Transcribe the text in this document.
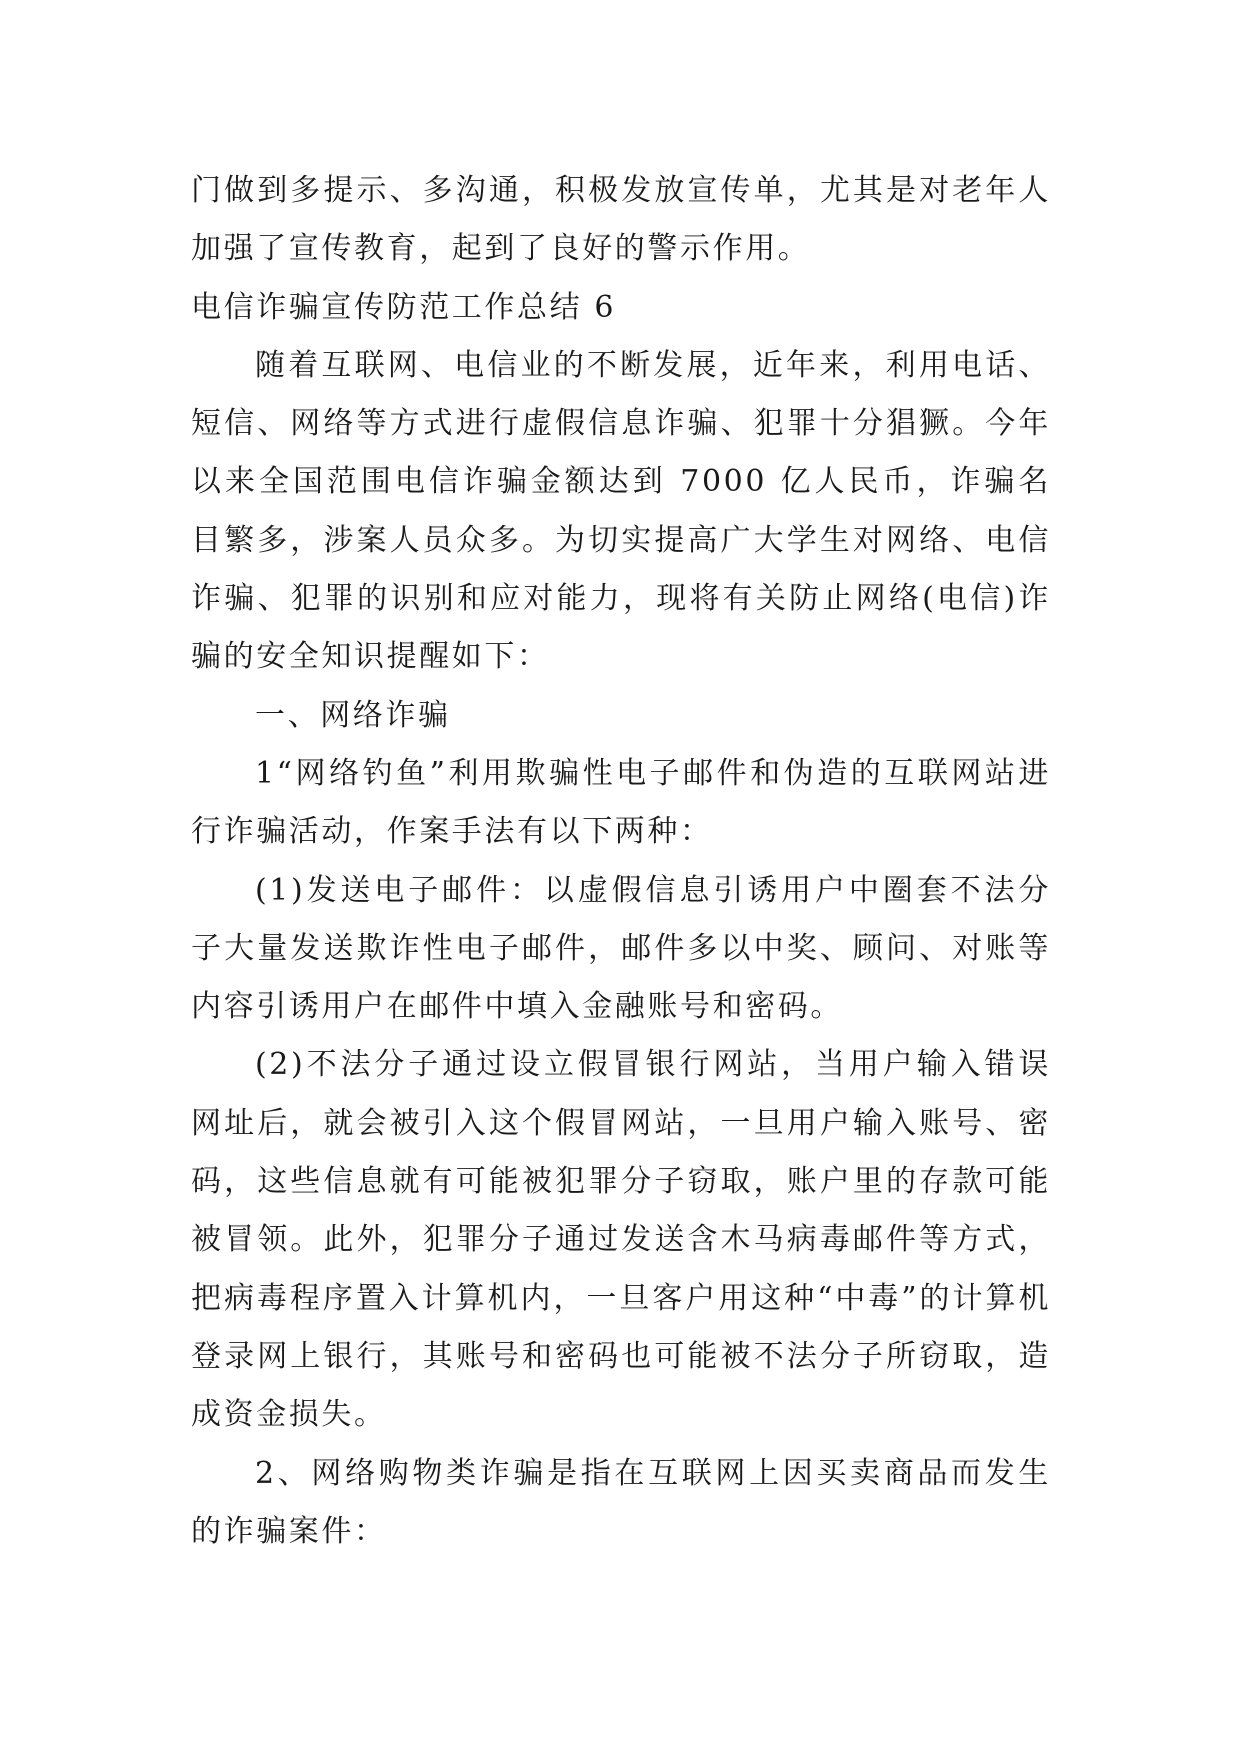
门做到多提示、多沟通，积极发放宣传单，尤其是对老年人加强了宣传教育，起到了良好的警示作用。

电信诈骗宣传防范工作总结 6

随着互联网、电信业的不断发展，近年来，利用电话、短信、网络等方式进行虚假信息诈骗、犯罪十分猖獗。今年以来全国范围电信诈骗金额达到 7000 亿人民币，诈骗名目繁多，涉案人员众多。为切实提高广大学生对网络、电信诈骗、犯罪的识别和应对能力，现将有关防止网络(电信)诈骗的安全知识提醒如下：

一、网络诈骗

1“网络钓鱼”利用欺骗性电子邮件和伪造的互联网站进行诈骗活动，作案手法有以下两种：

(1)发送电子邮件：以虚假信息引诱用户中圈套不法分子大量发送欺诈性电子邮件，邮件多以中奖、顾问、对账等内容引诱用户在邮件中填入金融账号和密码。

(2)不法分子通过设立假冒银行网站，当用户输入错误网址后，就会被引入这个假冒网站，一旦用户输入账号、密码，这些信息就有可能被犯罪分子窃取，账户里的存款可能被冒领。此外，犯罪分子通过发送含木马病毒邮件等方式，把病毒程序置入计算机内，一旦客户用这种“中毒”的计算机登录网上银行，其账号和密码也可能被不法分子所窃取，造成资金损失。

2、网络购物类诈骗是指在互联网上因买卖商品而发生的诈骗案件：
